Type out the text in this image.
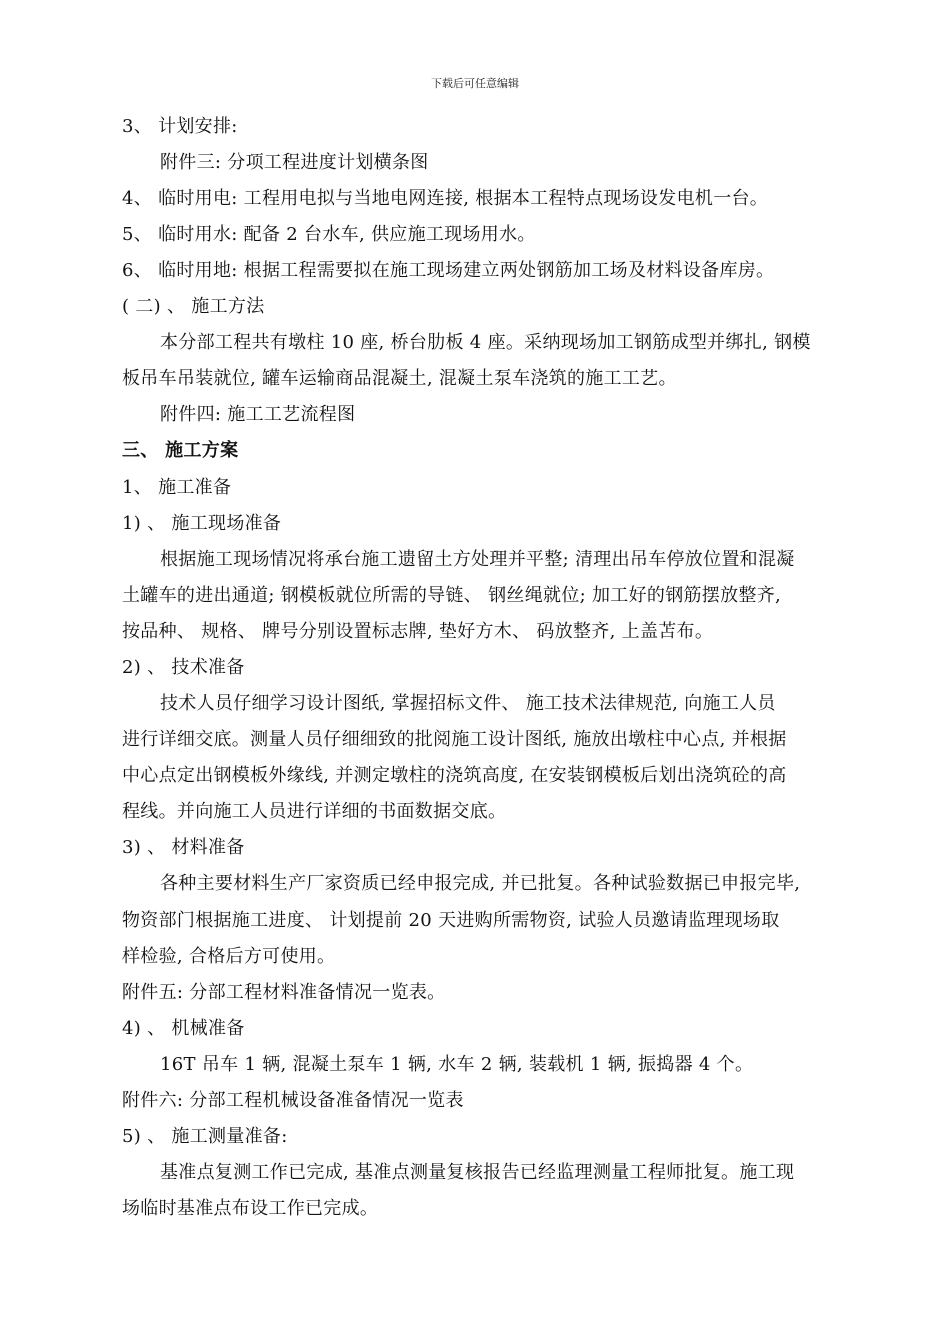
下载后可任意编辑
3、 计划安排:
附件三: 分项工程进度计划横条图
4、 临时用电: 工程用电拟与当地电网连接, 根据本工程特点现场设发电机一台。
5、 临时用水: 配备 2 台水车, 供应施工现场用水。
6、 临时用地: 根据工程需要拟在施工现场建立两处钢筋加工场及材料设备库房。
( 二) 、 施工方法
本分部工程共有墩柱 10 座, 桥台肋板 4 座。采纳现场加工钢筋成型并绑扎, 钢模
板吊车吊装就位, 罐车运输商品混凝土, 混凝土泵车浇筑的施工工艺。
附件四: 施工工艺流程图
三、 施工方案
1、 施工准备
1) 、 施工现场准备
根据施工现场情况将承台施工遗留土方处理并平整; 清理出吊车停放位置和混凝
土罐车的进出通道; 钢模板就位所需的导链、 钢丝绳就位; 加工好的钢筋摆放整齐,
按品种、 规格、 牌号分别设置标志牌, 垫好方木、 码放整齐, 上盖苫布。
2) 、 技术准备
技术人员仔细学习设计图纸, 掌握招标文件、 施工技术法律规范, 向施工人员
进行详细交底。测量人员仔细细致的批阅施工设计图纸, 施放出墩柱中心点, 并根据
中心点定出钢模板外缘线, 并测定墩柱的浇筑高度, 在安装钢模板后划出浇筑砼的高
程线。并向施工人员进行详细的书面数据交底。
3) 、 材料准备
各种主要材料生产厂家资质已经申报完成, 并已批复。各种试验数据已申报完毕,
物资部门根据施工进度、 计划提前 20 天进购所需物资, 试验人员邀请监理现场取
样检验, 合格后方可使用。
附件五: 分部工程材料准备情况一览表。
4) 、 机械准备
16T 吊车 1 辆, 混凝土泵车 1 辆, 水车 2 辆, 装载机 1 辆, 振捣器 4 个。
附件六: 分部工程机械设备准备情况一览表
5) 、 施工测量准备:
基准点复测工作已完成, 基准点测量复核报告已经监理测量工程师批复。施工现
场临时基准点布设工作已完成。
